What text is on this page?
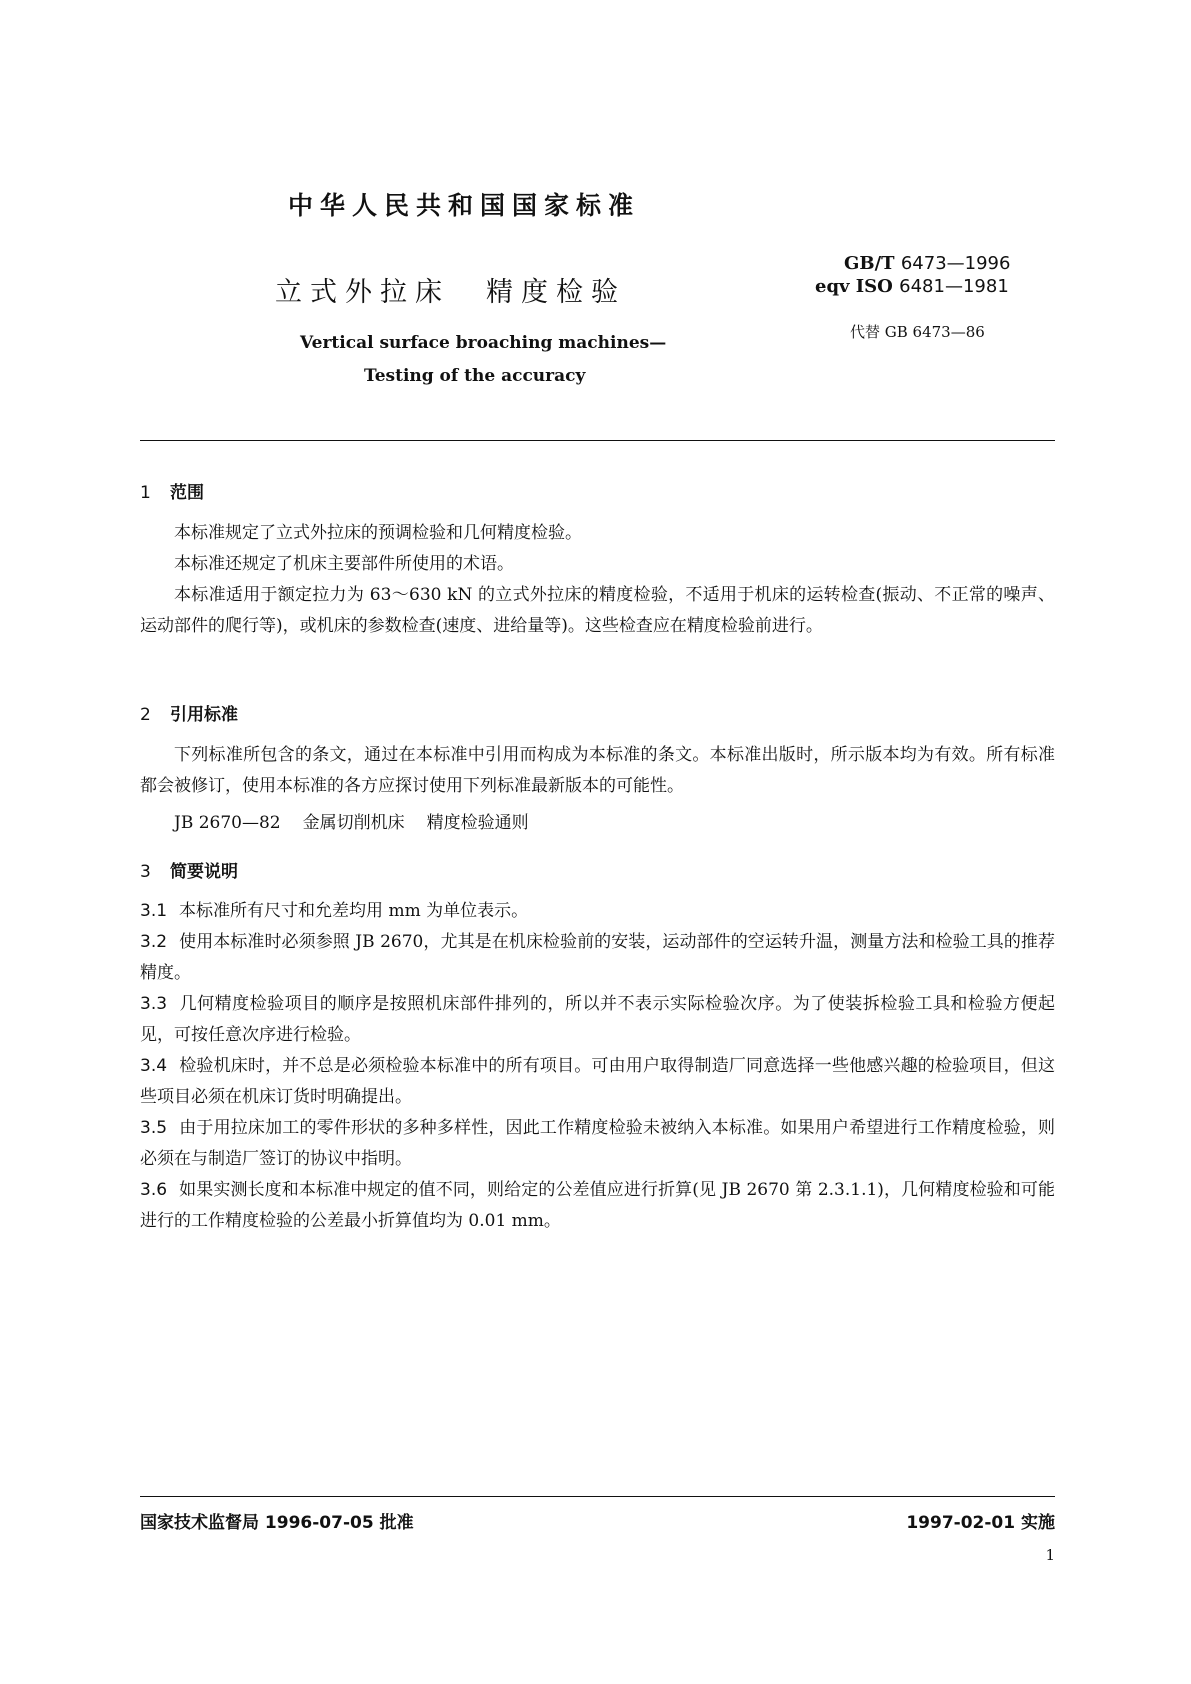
中华人民共和国国家标准
立式外拉床 精度检验
Vertical surface broaching machines—
Testing of the accuracy
GB/T 6473—1996
eqv ISO 6481—1981
代替 GB 6473—86
1 范围
本标准规定了立式外拉床的预调检验和几何精度检验。
本标准还规定了机床主要部件所使用的术语。
本标准适用于额定拉力为 63～630 kN 的立式外拉床的精度检验，不适用于机床的运转检查(振动、不正常的噪声、运动部件的爬行等)，或机床的参数检查(速度、进给量等)。这些检查应在精度检验前进行。
2 引用标准
下列标准所包含的条文，通过在本标准中引用而构成为本标准的条文。本标准出版时，所示版本均为有效。所有标准都会被修订，使用本标准的各方应探讨使用下列标准最新版本的可能性。
JB 2670—82 金属切削机床 精度检验通则
3 简要说明
3.1 本标准所有尺寸和允差均用 mm 为单位表示。
3.2 使用本标准时必须参照 JB 2670，尤其是在机床检验前的安装，运动部件的空运转升温，测量方法和检验工具的推荐精度。
3.3 几何精度检验项目的顺序是按照机床部件排列的，所以并不表示实际检验次序。为了使装拆检验工具和检验方便起见，可按任意次序进行检验。
3.4 检验机床时，并不总是必须检验本标准中的所有项目。可由用户取得制造厂同意选择一些他感兴趣的检验项目，但这些项目必须在机床订货时明确提出。
3.5 由于用拉床加工的零件形状的多种多样性，因此工作精度检验未被纳入本标准。如果用户希望进行工作精度检验，则必须在与制造厂签订的协议中指明。
3.6 如果实测长度和本标准中规定的值不同，则给定的公差值应进行折算(见 JB 2670 第 2.3.1.1)，几何精度检验和可能进行的工作精度检验的公差最小折算值均为 0.01 mm。
国家技术监督局 1996-07-05 批准	1997-02-01 实施
1
